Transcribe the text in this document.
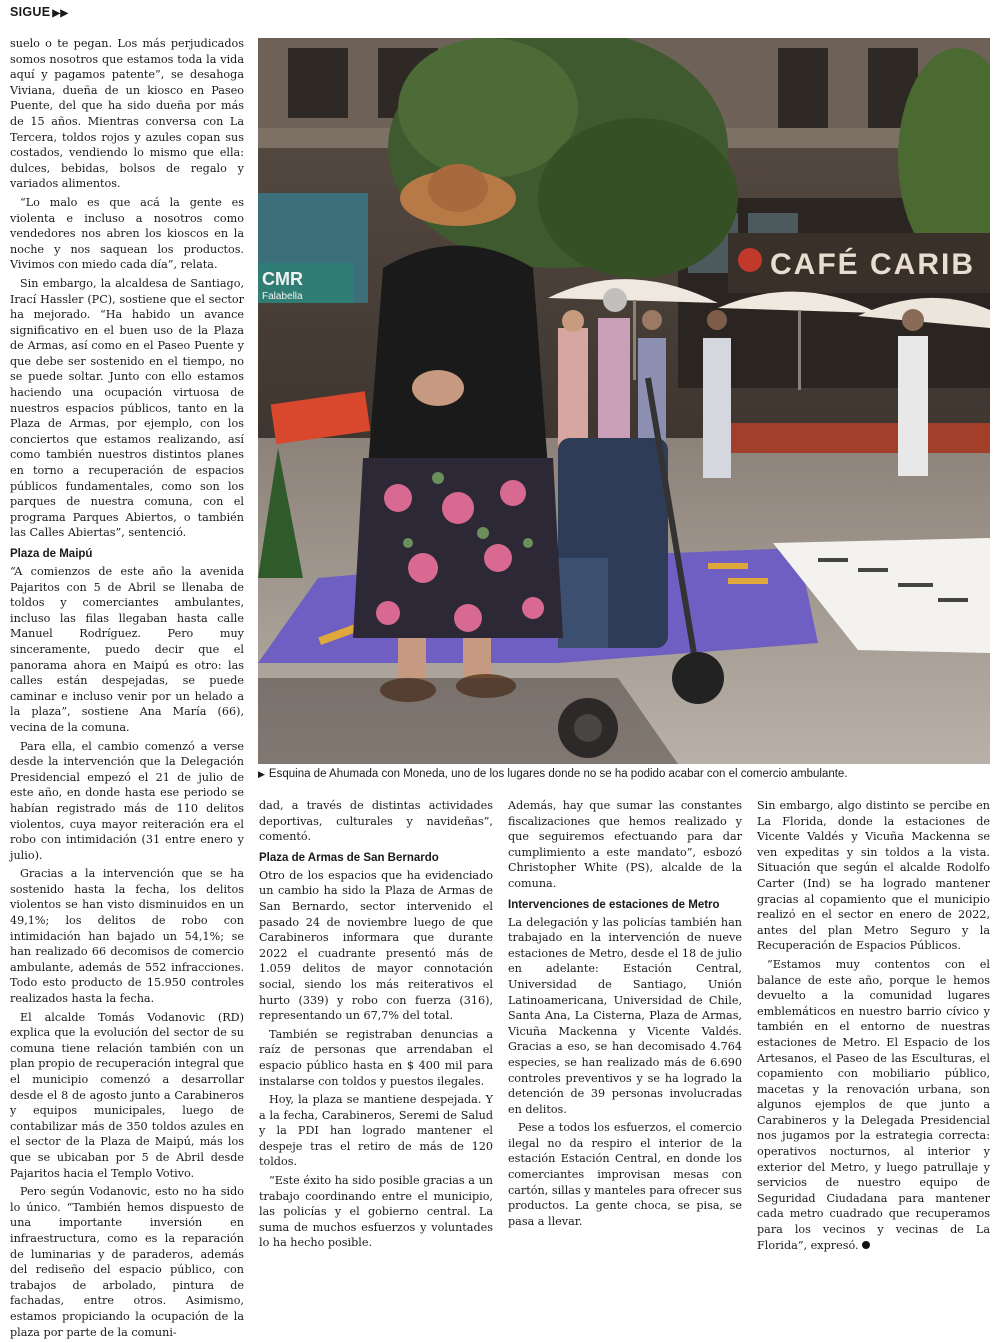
SIGUE ▶▶

suelo o te pegan. Los más perjudicados somos nosotros que estamos toda la vida aquí y pagamos patente”, se desahoga Viviana, dueña de un kiosco en Paseo Puente, del que ha sido dueña por más de 15 años. Mientras conversa con La Tercera, toldos rojos y azules copan sus costados, vendiendo lo mismo que ella: dulces, bebidas, bolsos de regalo y variados alimentos.

“Lo malo es que acá la gente es violenta e incluso a nosotros como vendedores nos abren los kioscos en la noche y nos saquean los productos. Vivimos con miedo cada día”, relata.

Sin embargo, la alcaldesa de Santiago, Irací Hassler (PC), sostiene que el sector ha mejorado. “Ha habido un avance significativo en el buen uso de la Plaza de Armas, así como en el Paseo Puente y que debe ser sostenido en el tiempo, no se puede soltar. Junto con ello estamos haciendo una ocupación virtuosa de nuestros espacios públicos, tanto en la Plaza de Armas, por ejemplo, con los conciertos que estamos realizando, así como también nuestros distintos planes en torno a recuperación de espacios públicos fundamentales, como son los parques de nuestra comuna, con el programa Parques Abiertos, o también las Calles Abiertas”, sentenció.

Plaza de Maipú

“A comienzos de este año la avenida Pajaritos con 5 de Abril se llenaba de toldos y comerciantes ambulantes, incluso las filas llegaban hasta calle Manuel Rodríguez. Pero muy sinceramente, puedo decir que el panorama ahora en Maipú es otro: las calles están despejadas, se puede caminar e incluso venir por un helado a la plaza”, sostiene Ana María (66), vecina de la comuna.

Para ella, el cambio comenzó a verse desde la intervención que la Delegación Presidencial empezó el 21 de julio de este año, en donde hasta ese periodo se habían registrado más de 110 delitos violentos, cuya mayor reiteración era el robo con intimidación (31 entre enero y julio).

Gracias a la intervención que se ha sostenido hasta la fecha, los delitos violentos se han visto disminuidos en un 49,1%; los delitos de robo con intimidación han bajado un 54,1%; se han realizado 66 decomisos de comercio ambulante, además de 552 infracciones. Todo esto producto de 15.950 controles realizados hasta la fecha.

El alcalde Tomás Vodanovic (RD) explica que la evolución del sector de su comuna tiene relación también con un plan propio de recuperación integral que el municipio comenzó a desarrollar desde el 8 de agosto junto a Carabineros y equipos municipales, luego de contabilizar más de 350 toldos azules en el sector de la Plaza de Maipú, más los que se ubicaban por 5 de Abril desde Pajaritos hacia el Templo Votivo.

Pero según Vodanovic, esto no ha sido lo único. “También hemos dispuesto de una importante inversión en infraestructura, como es la reparación de luminarias y de paraderos, además del rediseño del espacio público, con trabajos de arbolado, pintura de fachadas, entre otros. Asimismo, estamos propiciando la ocupación de la plaza por parte de la comuni-

CMR
Falabella
CAFÉ CARIB
▶ Esquina de Ahumada con Moneda, uno de los lugares donde no se ha podido acabar con el comercio ambulante.

dad, a través de distintas actividades deportivas, culturales y navideñas”, comentó.

Plaza de Armas de San Bernardo

Otro de los espacios que ha evidenciado un cambio ha sido la Plaza de Armas de San Bernardo, sector intervenido el pasado 24 de noviembre luego de que Carabineros informara que durante 2022 el cuadrante presentó más de 1.059 delitos de mayor connotación social, siendo los más reiterativos el hurto (339) y robo con fuerza (316), representando un 67,7% del total.

También se registraban denuncias a raíz de personas que arrendaban el espacio público hasta en $ 400 mil para instalarse con toldos y puestos ilegales.

Hoy, la plaza se mantiene despejada. Y a la fecha, Carabineros, Seremi de Salud y la PDI han logrado mantener el despeje tras el retiro de más de 120 toldos.

“Este éxito ha sido posible gracias a un trabajo coordinando entre el municipio, las policías y el gobierno central. La suma de muchos esfuerzos y voluntades lo ha hecho posible.

Además, hay que sumar las constantes fiscalizaciones que hemos realizado y que seguiremos efectuando para dar cumplimiento a este mandato”, esbozó Christopher White (PS), alcalde de la comuna.

Intervenciones de estaciones de Metro

La delegación y las policías también han trabajado en la intervención de nueve estaciones de Metro, desde el 18 de julio en adelante: Estación Central, Universidad de Santiago, Unión Latinoamericana, Universidad de Chile, Santa Ana, La Cisterna, Plaza de Armas, Vicuña Mackenna y Vicente Valdés. Gracias a eso, se han decomisado 4.764 especies, se han realizado más de 6.690 controles preventivos y se ha logrado la detención de 39 personas involucradas en delitos.

Pese a todos los esfuerzos, el comercio ilegal no da respiro el interior de la estación Estación Central, en donde los comerciantes improvisan mesas con cartón, sillas y manteles para ofrecer sus productos. La gente choca, se pisa, se pasa a llevar.

Sin embargo, algo distinto se percibe en La Florida, donde la estaciones de Vicente Valdés y Vicuña Mackenna se ven expeditas y sin toldos a la vista. Situación que según el alcalde Rodolfo Carter (Ind) se ha logrado mantener gracias al copamiento que el municipio realizó en el sector en enero de 2022, antes del plan Metro Seguro y la Recuperación de Espacios Públicos.

“Estamos muy contentos con el balance de este año, porque le hemos devuelto a la comunidad lugares emblemáticos en nuestro barrio cívico y también en el entorno de nuestras estaciones de Metro. El Espacio de los Artesanos, el Paseo de las Esculturas, el copamiento con mobiliario público, macetas y la renovación urbana, son algunos ejemplos de que junto a Carabineros y la Delegada Presidencial nos jugamos por la estrategia correcta: operativos nocturnos, al interior y exterior del Metro, y luego patrullaje y servicios de nuestro equipo de Seguridad Ciudadana para mantener cada metro cuadrado que recuperamos para los vecinos y vecinas de La Florida”, expresó.
